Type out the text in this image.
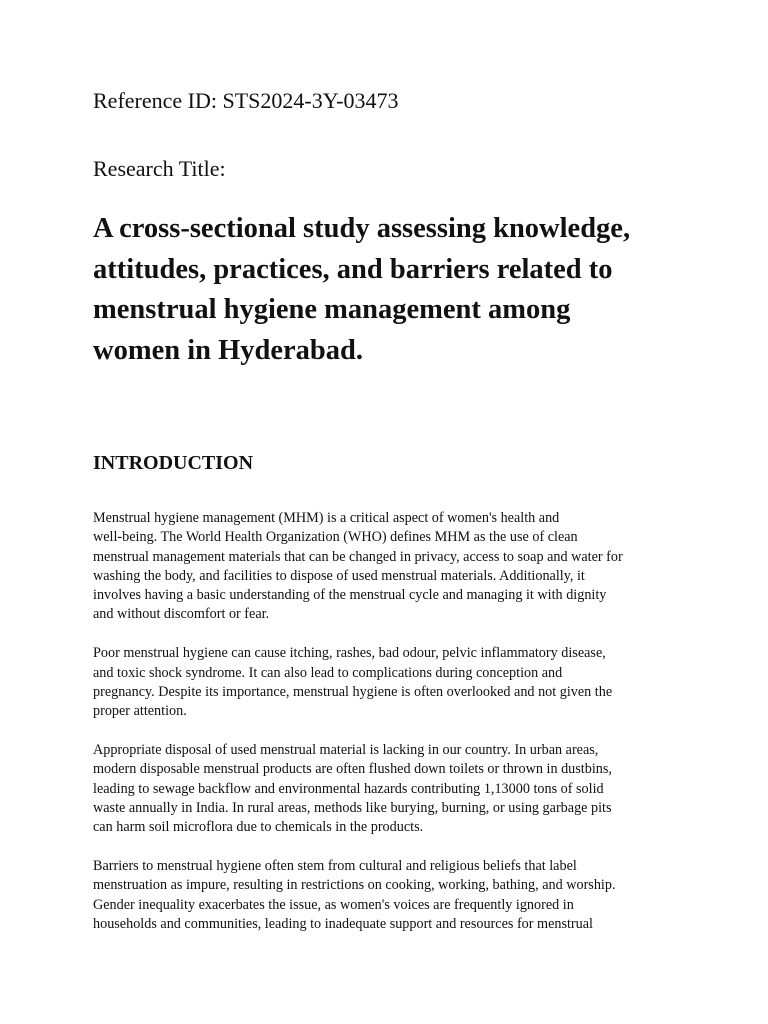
Reference ID: STS2024-3Y-03473

Research Title:

A cross-sectional study assessing knowledge, attitudes, practices, and barriers related to menstrual hygiene management among women in Hyderabad.
INTRODUCTION

Menstrual hygiene management (MHM) is a critical aspect of women's health and
well-being. The World Health Organization (WHO) defines MHM as the use of clean
menstrual management materials that can be changed in privacy, access to soap and water for
washing the body, and facilities to dispose of used menstrual materials. Additionally, it
involves having a basic understanding of the menstrual cycle and managing it with dignity
and without discomfort or fear.

Poor menstrual hygiene can cause itching, rashes, bad odour, pelvic inflammatory disease,
and toxic shock syndrome. It can also lead to complications during conception and
pregnancy. Despite its importance, menstrual hygiene is often overlooked and not given the
proper attention.

Appropriate disposal of used menstrual material is lacking in our country. In urban areas,
modern disposable menstrual products are often flushed down toilets or thrown in dustbins,
leading to sewage backflow and environmental hazards contributing 1,13000 tons of solid
waste annually in India. In rural areas, methods like burying, burning, or using garbage pits
can harm soil microflora due to chemicals in the products.

Barriers to menstrual hygiene often stem from cultural and religious beliefs that label
menstruation as impure, resulting in restrictions on cooking, working, bathing, and worship.
Gender inequality exacerbates the issue, as women's voices are frequently ignored in
households and communities, leading to inadequate support and resources for menstrual
